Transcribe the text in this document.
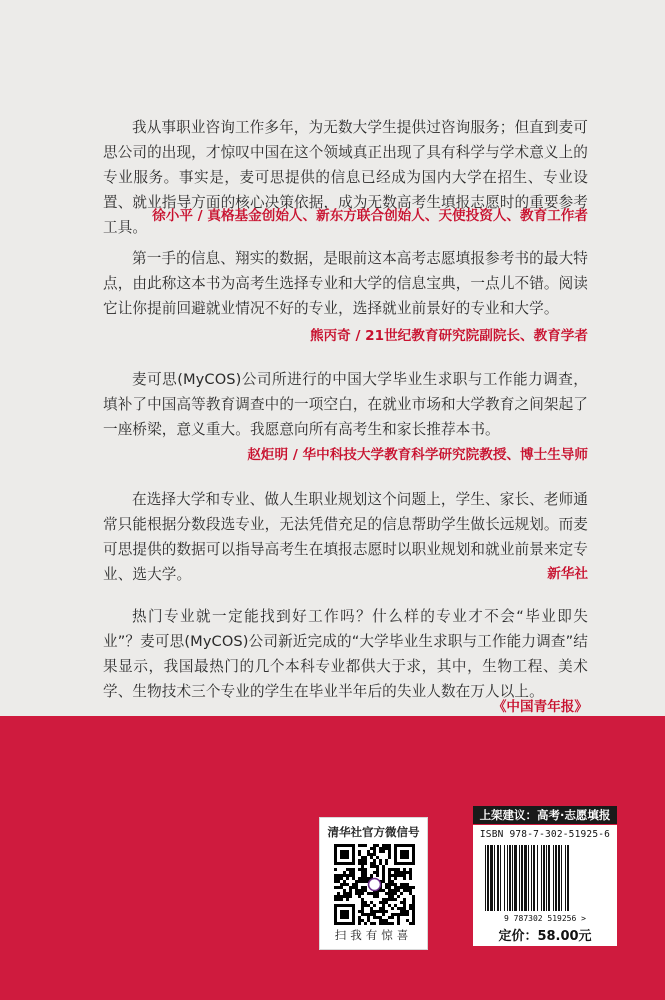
我从事职业咨询工作多年，为无数大学生提供过咨询服务；但直到麦可思公司的出现，才惊叹中国在这个领域真正出现了具有科学与学术意义上的专业服务。事实是，麦可思提供的信息已经成为国内大学在招生、专业设置、就业指导方面的核心决策依据，成为无数高考生填报志愿时的重要参考工具。

徐小平 / 真格基金创始人、新东方联合创始人、天使投资人、教育工作者

第一手的信息、翔实的数据，是眼前这本高考志愿填报参考书的最大特点，由此称这本书为高考生选择专业和大学的信息宝典，一点儿不错。阅读它让你提前回避就业情况不好的专业，选择就业前景好的专业和大学。

熊丙奇 / 21世纪教育研究院副院长、教育学者

麦可思(MyCOS)公司所进行的中国大学毕业生求职与工作能力调查，填补了中国高等教育调查中的一项空白，在就业市场和大学教育之间架起了一座桥梁，意义重大。我愿意向所有高考生和家长推荐本书。

赵炬明 / 华中科技大学教育科学研究院教授、博士生导师

在选择大学和专业、做人生职业规划这个问题上，学生、家长、老师通常只能根据分数段选专业，无法凭借充足的信息帮助学生做长远规划。而麦可思提供的数据可以指导高考生在填报志愿时以职业规划和就业前景来定专业、选大学。	新华社

热门专业就一定能找到好工作吗？什么样的专业才不会“毕业即失业”？麦可思(MyCOS)公司新近完成的“大学毕业生求职与工作能力调查”结果显示，我国最热门的几个本科专业都供大于求，其中，生物工程、美术学、生物技术三个专业的学生在毕业半年后的失业人数在万人以上。

《中国青年报》
清华社官方微信号
扫我有惊喜
上架建议：高考·志愿填报
ISBN 978-7-302-51925-6
9 787302 519256 >
定价：58.00元
